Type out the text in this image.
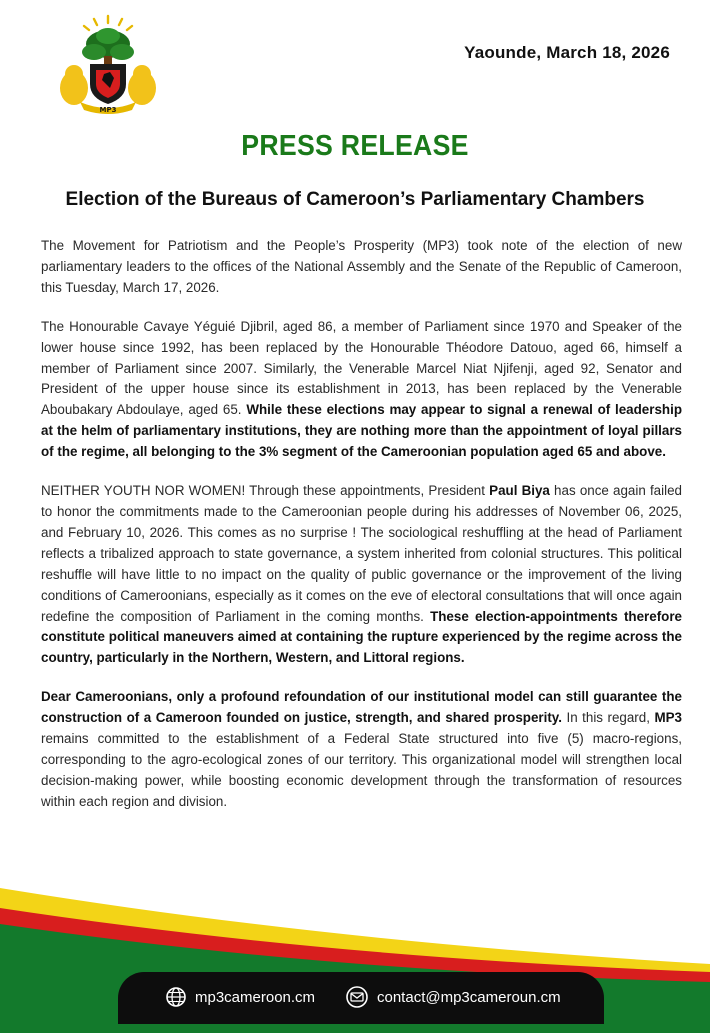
MP3
Yaounde, March 18, 2026
PRESS RELEASE
Election of the Bureaus of Cameroon’s Parliamentary Chambers

The Movement for Patriotism and the People’s Prosperity (MP3) took note of the election of new parliamentary leaders to the offices of the National Assembly and the Senate of the Republic of Cameroon, this Tuesday, March 17, 2026.

The Honourable Cavaye Yéguié Djibril, aged 86, a member of Parliament since 1970 and Speaker of the lower house since 1992, has been replaced by the Honourable Théodore Datouo, aged 66, himself a member of Parliament since 2007. Similarly, the Venerable Marcel Niat Njifenji, aged 92, Senator and President of the upper house since its establishment in 2013, has been replaced by the Venerable Aboubakary Abdoulaye, aged 65. While these elections may appear to signal a renewal of leadership at the helm of parliamentary institutions, they are nothing more than the appointment of loyal pillars of the regime, all belonging to the 3% segment of the Cameroonian population aged 65 and above.

NEITHER YOUTH NOR WOMEN! Through these appointments, President Paul Biya has once again failed to honor the commitments made to the Cameroonian people during his addresses of November 06, 2025, and February 10, 2026. This comes as no surprise ! The sociological reshuffling at the head of Parliament reflects a tribalized approach to state governance, a system inherited from colonial structures. This political reshuffle will have little to no impact on the quality of public governance or the improvement of the living conditions of Cameroonians, especially as it comes on the eve of electoral consultations that will once again redefine the composition of Parliament in the coming months. These election-appointments therefore constitute political maneuvers aimed at containing the rupture experienced by the regime across the country, particularly in the Northern, Western, and Littoral regions.

Dear Cameroonians, only a profound refoundation of our institutional model can still guarantee the construction of a Cameroon founded on justice, strength, and shared prosperity. In this regard, MP3 remains committed to the establishment of a Federal State structured into five (5) macro-regions, corresponding to the agro-ecological zones of our territory. This organizational model will strengthen local decision-making power, while boosting economic development through the transformation of resources within each region and division.

mp3cameroon.cm	contact@mp3cameroun.cm
